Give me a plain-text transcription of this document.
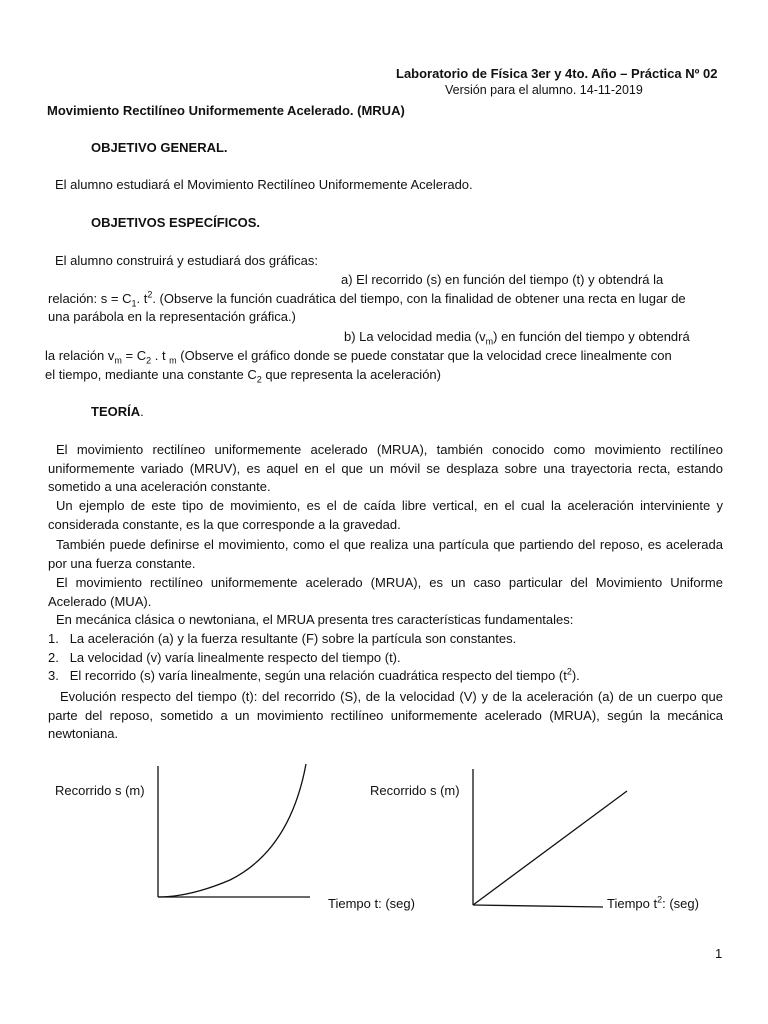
Laboratorio de Física 3er y 4to. Año – Práctica Nº 02
Versión para el alumno. 14-11-2019
Movimiento Rectilíneo Uniformemente Acelerado. (MRUA)
OBJETIVO GENERAL.
El alumno estudiará el Movimiento Rectilíneo Uniformemente Acelerado.
OBJETIVOS ESPECÍFICOS.
El alumno construirá y estudiará dos gráficas:
a) El recorrido (s) en función del tiempo (t) y obtendrá la
relación: $s = C_1$. $t^2$. (Observe la función cuadrática del tiempo, con la finalidad de obtener una recta en lugar de
una parábola en la representación gráfica.)
b) La velocidad media $(v_m)$ en función del tiempo y obtendrá
la relación $v_m = C_2$ . t $_m$ (Observe el gráfico donde se puede constatar que la velocidad crece linealmente con
el tiempo, mediante una constante $C_2$ que representa la aceleración)
TEORÍA.
El movimiento rectilíneo uniformemente acelerado (MRUA), también conocido como movimiento rectilíneo uniformemente variado (MRUV), es aquel en el que un móvil se desplaza sobre una trayectoria recta, estando sometido a una aceleración constante.
Un ejemplo de este tipo de movimiento, es el de caída libre vertical, en el cual la aceleración interviniente y considerada constante, es la que corresponde a la gravedad.
También puede definirse el movimiento, como el que realiza una partícula que partiendo del reposo, es acelerada por una fuerza constante.
El movimiento rectilíneo uniformemente acelerado (MRUA), es un caso particular del Movimiento Uniforme Acelerado (MUA).
En mecánica clásica o newtoniana, el MRUA presenta tres características fundamentales:
1. La aceleración (a) y la fuerza resultante (F) sobre la partícula son constantes.
2. La velocidad (v) varía linealmente respecto del tiempo (t).
3. El recorrido (s) varía linealmente, según una relación cuadrática respecto del tiempo $(t^2)$.
Evolución respecto del tiempo (t): del recorrido (S), de la velocidad (V) y de la aceleración (a) de un cuerpo que parte del reposo, sometido a un movimiento rectilíneo uniformemente acelerado (MRUA), según la mecánica newtoniana.
Recorrido s (m)
Tiempo t: (seg)
Recorrido s (m)
Tiempo $t^2$: (seg)
1
